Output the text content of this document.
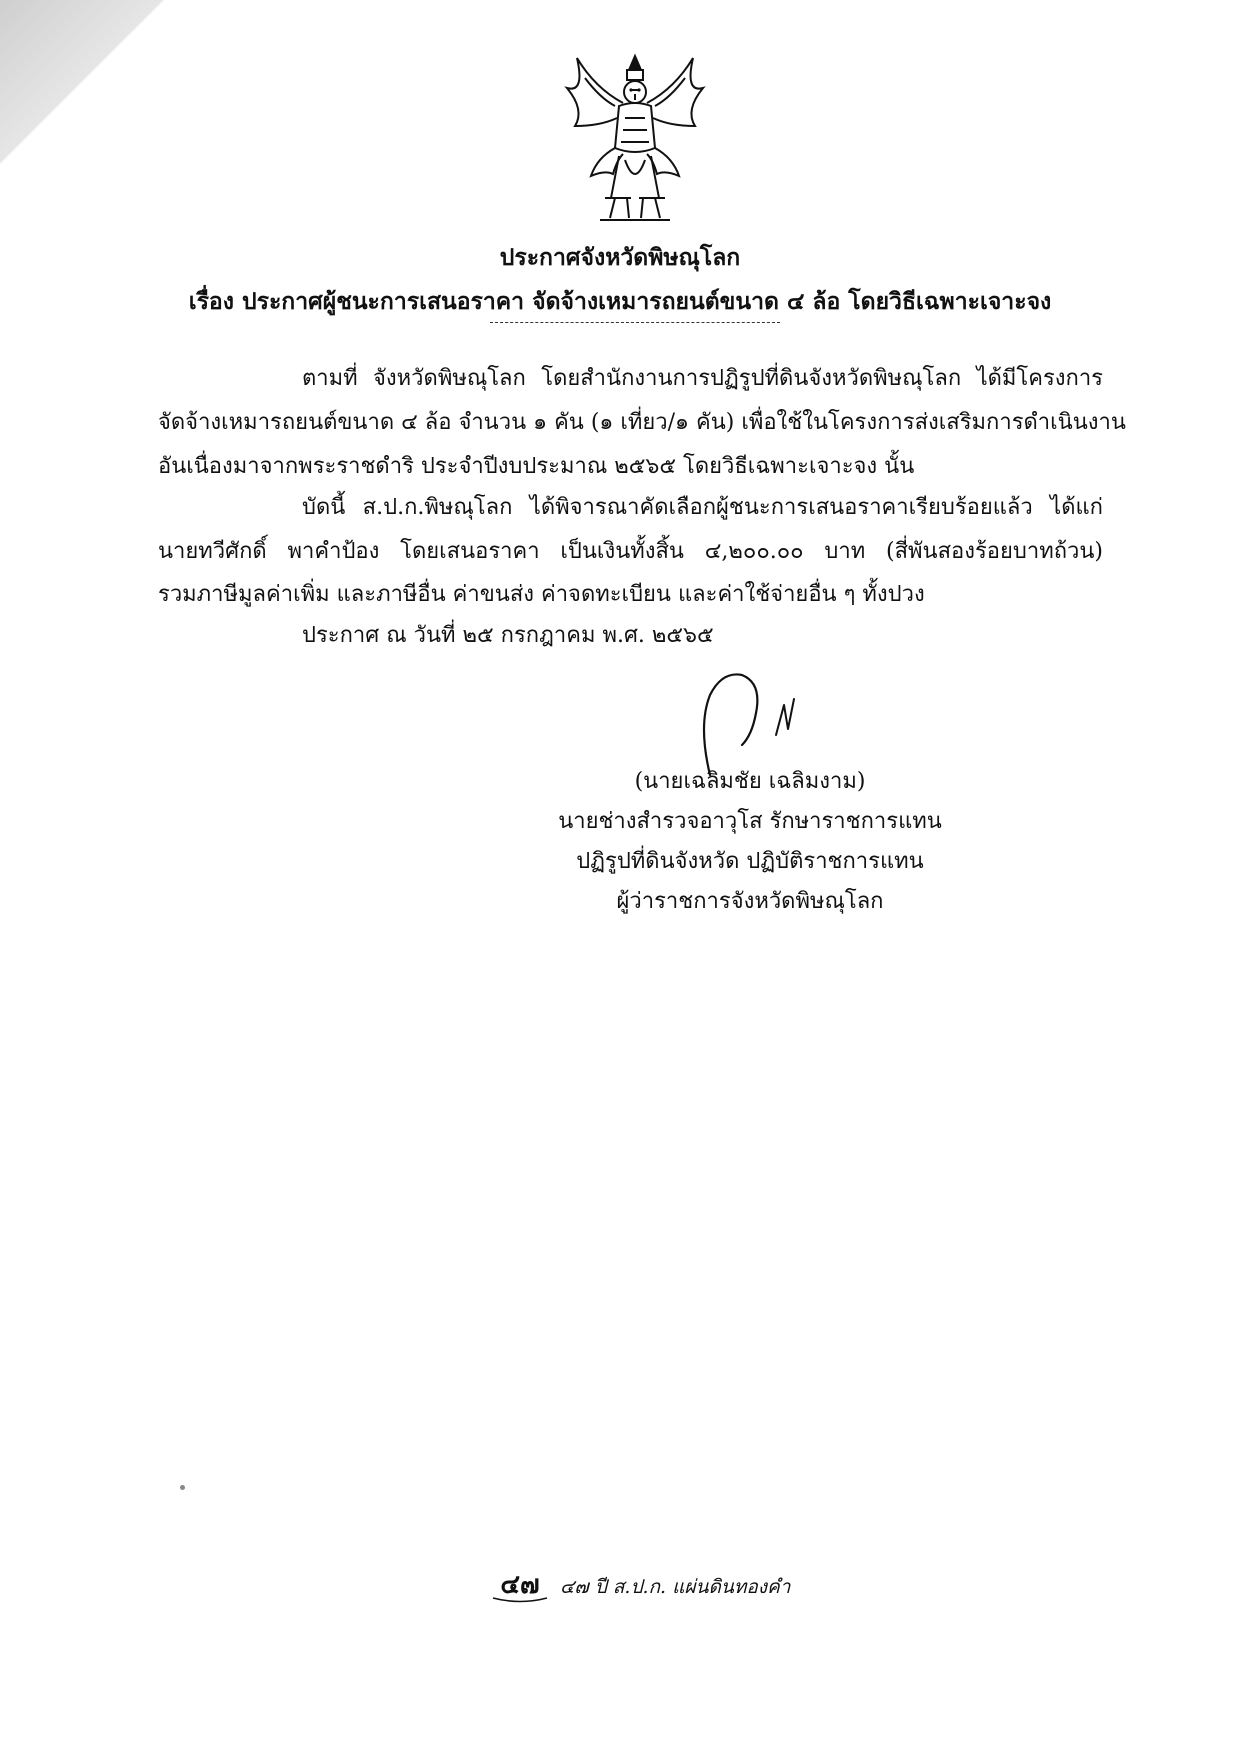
ประกาศจังหวัดพิษณุโลก
เรื่อง ประกาศผู้ชนะการเสนอราคา จัดจ้างเหมารถยนต์ขนาด ๔ ล้อ โดยวิธีเฉพาะเจาะจง
ตามที่ จังหวัดพิษณุโลก โดยสำนักงานการปฏิรูปที่ดินจังหวัดพิษณุโลก ได้มีโครงการ
จัดจ้างเหมารถยนต์ขนาด ๔ ล้อ จำนวน ๑ คัน (๑ เที่ยว/๑ คัน) เพื่อใช้ในโครงการส่งเสริมการดำเนินงาน
อันเนื่องมาจากพระราชดำริ ประจำปีงบประมาณ ๒๕๖๕ โดยวิธีเฉพาะเจาะจง นั้น
บัดนี้ ส.ป.ก.พิษณุโลก ได้พิจารณาคัดเลือกผู้ชนะการเสนอราคาเรียบร้อยแล้ว ได้แก่
นายทวีศักดิ์ พาคำป้อง โดยเสนอราคา เป็นเงินทั้งสิ้น ๔,๒๐๐.๐๐ บาท (สี่พันสองร้อยบาทถ้วน)
รวมภาษีมูลค่าเพิ่ม และภาษีอื่น ค่าขนส่ง ค่าจดทะเบียน และค่าใช้จ่ายอื่น ๆ ทั้งปวง
ประกาศ ณ วันที่ ๒๕ กรกฎาคม พ.ศ. ๒๕๖๕
(นายเฉลิมชัย เฉลิมงาม)
นายช่างสำรวจอาวุโส รักษาราชการแทน
ปฏิรูปที่ดินจังหวัด ปฏิบัติราชการแทน
ผู้ว่าราชการจังหวัดพิษณุโลก
๔๗ ๔๗ ปี ส.ป.ก. แผ่นดินทองคำ
